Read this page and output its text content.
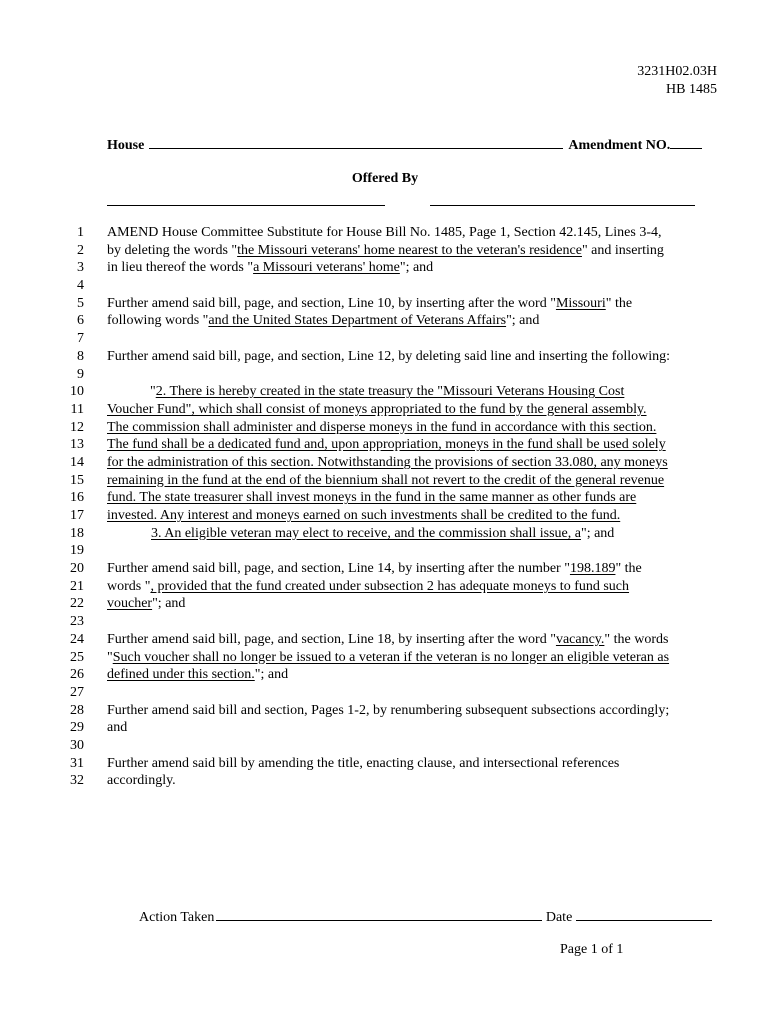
3231H02.03H
HB 1485
House	Amendment NO.
Offered By
1
2
3
4
5
6
7
8
9
10
11
12
13
14
15
16
17
18
19
20
21
22
23
24
25
26
27
28
29
30
31
32
AMEND House Committee Substitute for House Bill No. 1485, Page 1, Section 42.145, Lines 3-4,
by deleting the words "the Missouri veterans' home nearest to the veteran's residence" and inserting
in lieu thereof the words "a Missouri veterans' home"; and
Further amend said bill, page, and section, Line 10, by inserting after the word "Missouri" the
following words "and the United States Department of Veterans Affairs"; and
Further amend said bill, page, and section, Line 12, by deleting said line and inserting the following:
"2. There is hereby created in the state treasury the "Missouri Veterans Housing Cost
Voucher Fund", which shall consist of moneys appropriated to the fund by the general assembly.
The commission shall administer and disperse moneys in the fund in accordance with this section.
The fund shall be a dedicated fund and, upon appropriation, moneys in the fund shall be used solely
for the administration of this section. Notwithstanding the provisions of section 33.080, any moneys
remaining in the fund at the end of the biennium shall not revert to the credit of the general revenue
fund. The state treasurer shall invest moneys in the fund in the same manner as other funds are
invested. Any interest and moneys earned on such investments shall be credited to the fund.
3. An eligible veteran may elect to receive, and the commission shall issue, a"; and
Further amend said bill, page, and section, Line 14, by inserting after the number "198.189" the
words ", provided that the fund created under subsection 2 has adequate moneys to fund such
voucher"; and
Further amend said bill, page, and section, Line 18, by inserting after the word "vacancy." the words
"Such voucher shall no longer be issued to a veteran if the veteran is no longer an eligible veteran as
defined under this section."; and
Further amend said bill and section, Pages 1-2, by renumbering subsequent subsections accordingly;
and
Further amend said bill by amending the title, enacting clause, and intersectional references
accordingly.
Action Taken	Date
Page 1 of 1
